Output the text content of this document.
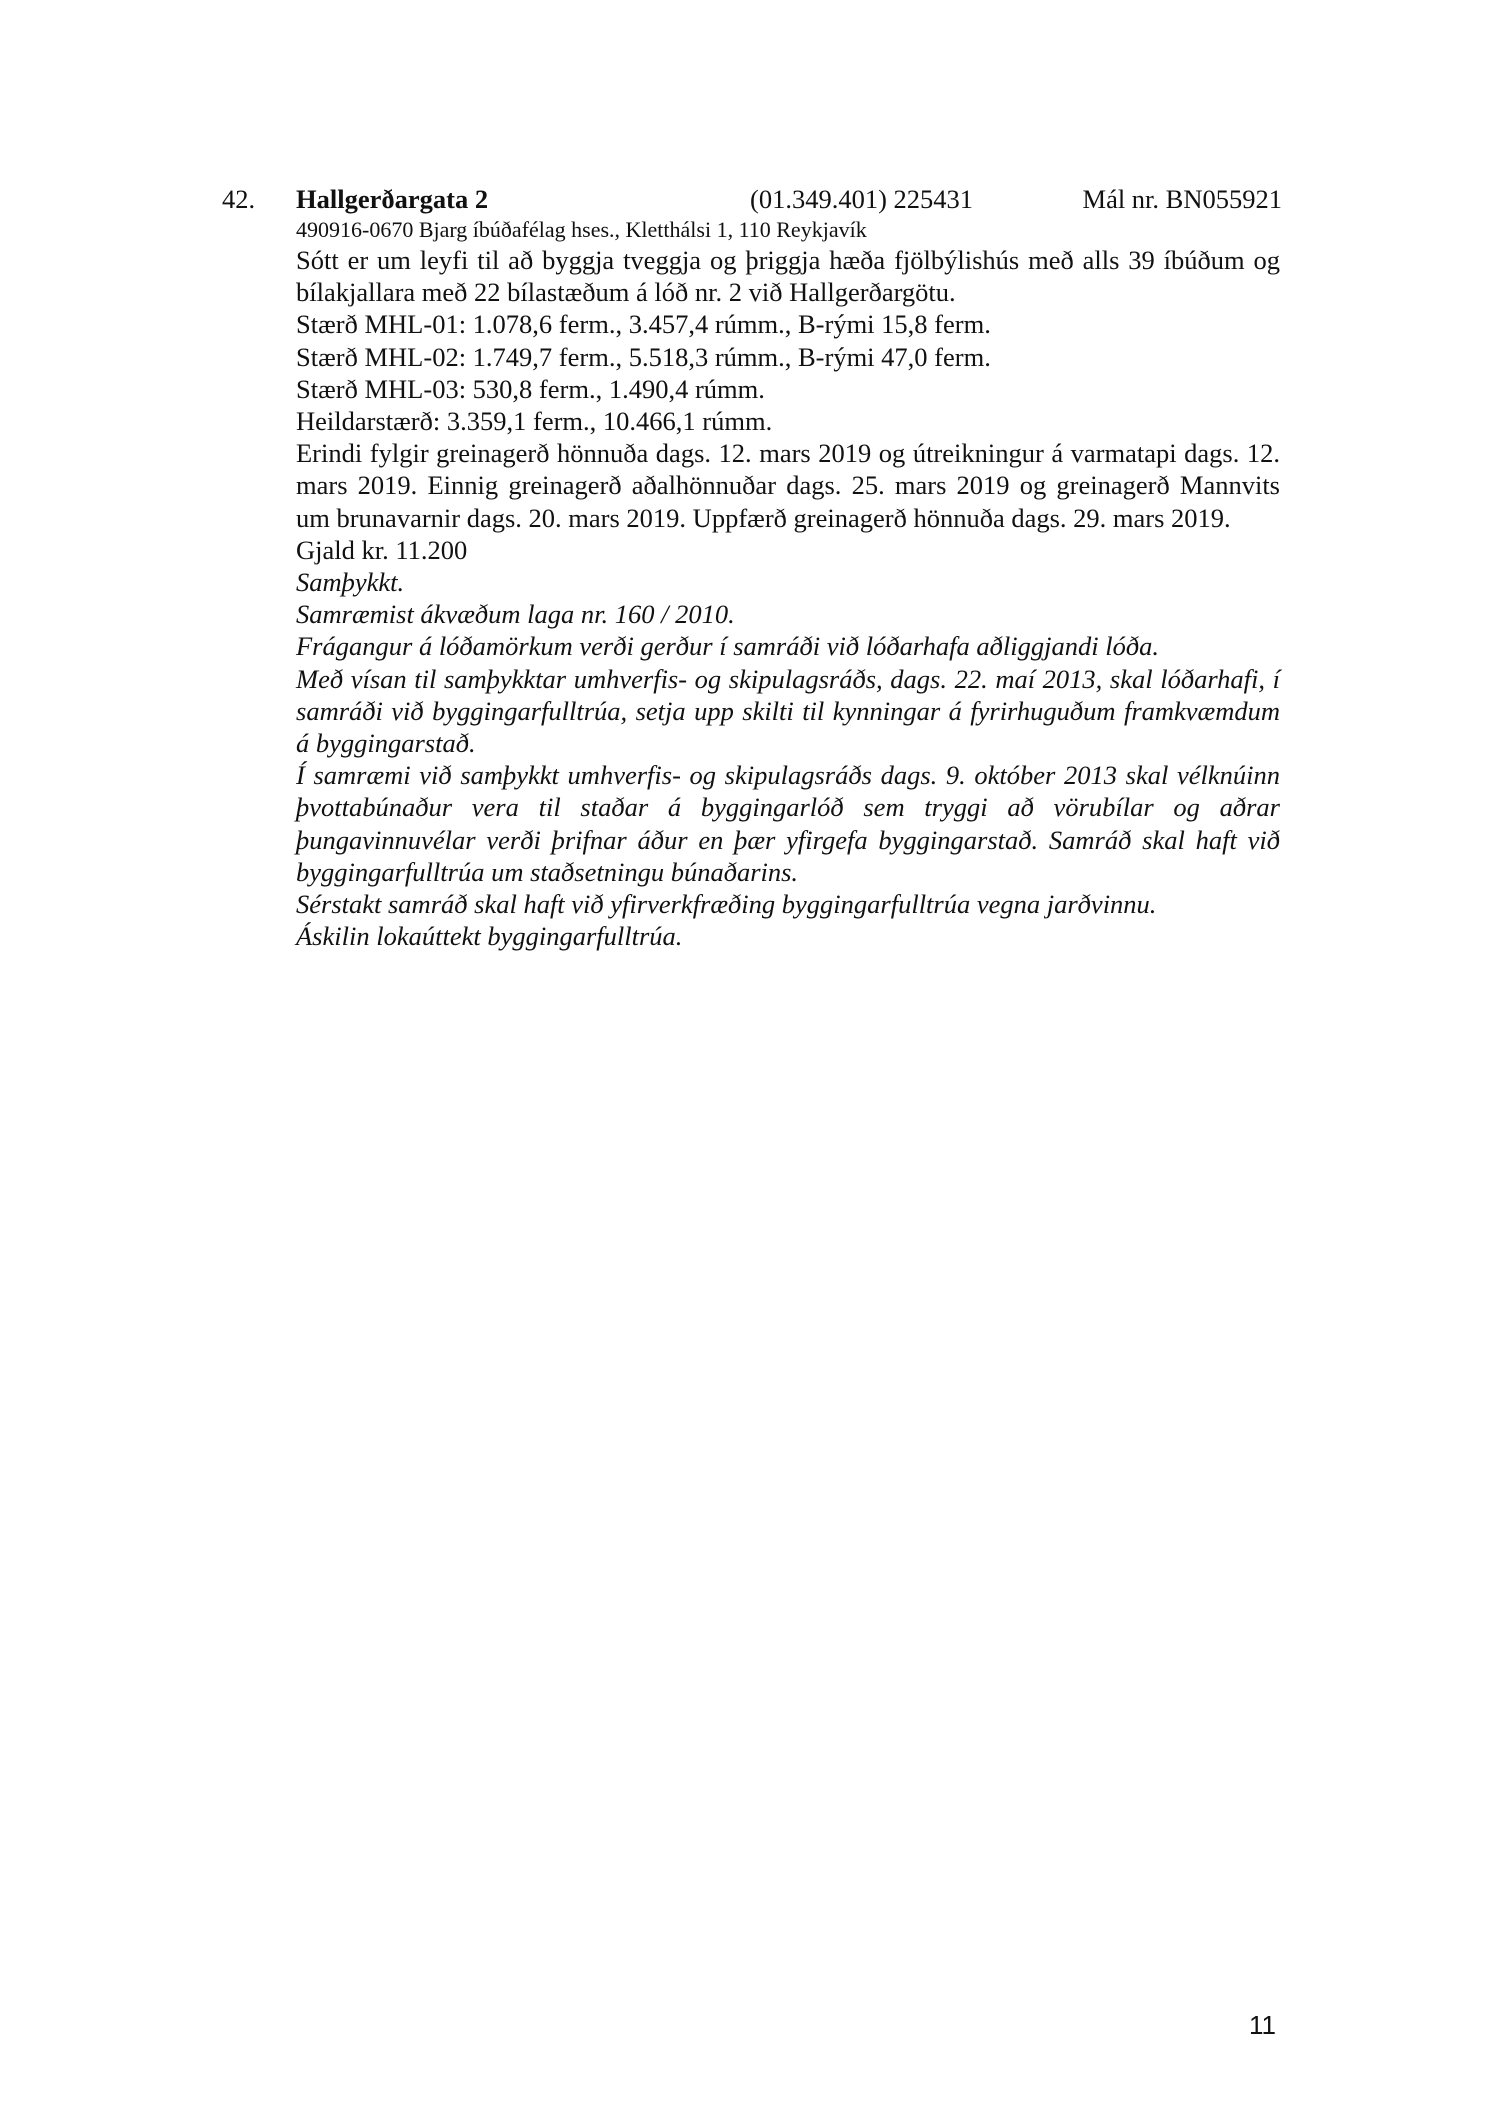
42. Hallgerðargata 2	(01.349.401) 225431	Mál nr. BN055921
490916-0670 Bjarg íbúðafélag hses., Kletthálsi 1, 110 Reykjavík

Sótt er um leyfi til að byggja tveggja og þriggja hæða fjölbýlishús með alls 39 íbúðum og bílakjallara með 22 bílastæðum á lóð nr. 2 við Hallgerðargötu.

Stærð MHL-01: 1.078,6 ferm., 3.457,4 rúmm., B-rými 15,8 ferm.

Stærð MHL-02: 1.749,7 ferm., 5.518,3 rúmm., B-rými 47,0 ferm.

Stærð MHL-03: 530,8 ferm., 1.490,4 rúmm.

Heildarstærð: 3.359,1 ferm., 10.466,1 rúmm.

Erindi fylgir greinagerð hönnuða dags. 12. mars 2019 og útreikningur á varmatapi dags. 12. mars 2019. Einnig greinagerð aðalhönnuðar dags. 25. mars 2019 og greinagerð Mannvits um brunavarnir dags. 20. mars 2019. Uppfærð greinagerð hönnuða dags. 29. mars 2019.

Gjald kr. 11.200

Samþykkt.

Samræmist ákvæðum laga nr. 160 / 2010.

Frágangur á lóðamörkum verði gerður í samráði við lóðarhafa aðliggjandi lóða.

Með vísan til samþykktar umhverfis- og skipulagsráðs, dags. 22. maí 2013, skal lóðarhafi, í samráði við byggingarfulltrúa, setja upp skilti til kynningar á fyrirhuguðum framkvæmdum á byggingarstað.

Í samræmi við samþykkt umhverfis- og skipulagsráðs dags. 9. október 2013 skal vélknúinn þvottabúnaður vera til staðar á byggingarlóð sem tryggi að vörubílar og aðrar þungavinnuvélar verði þrifnar áður en þær yfirgefa byggingarstað. Samráð skal haft við byggingarfulltrúa um staðsetningu búnaðarins.

Sérstakt samráð skal haft við yfirverkfræðing byggingarfulltrúa vegna jarðvinnu.

Áskilin lokaúttekt byggingarfulltrúa.

11
